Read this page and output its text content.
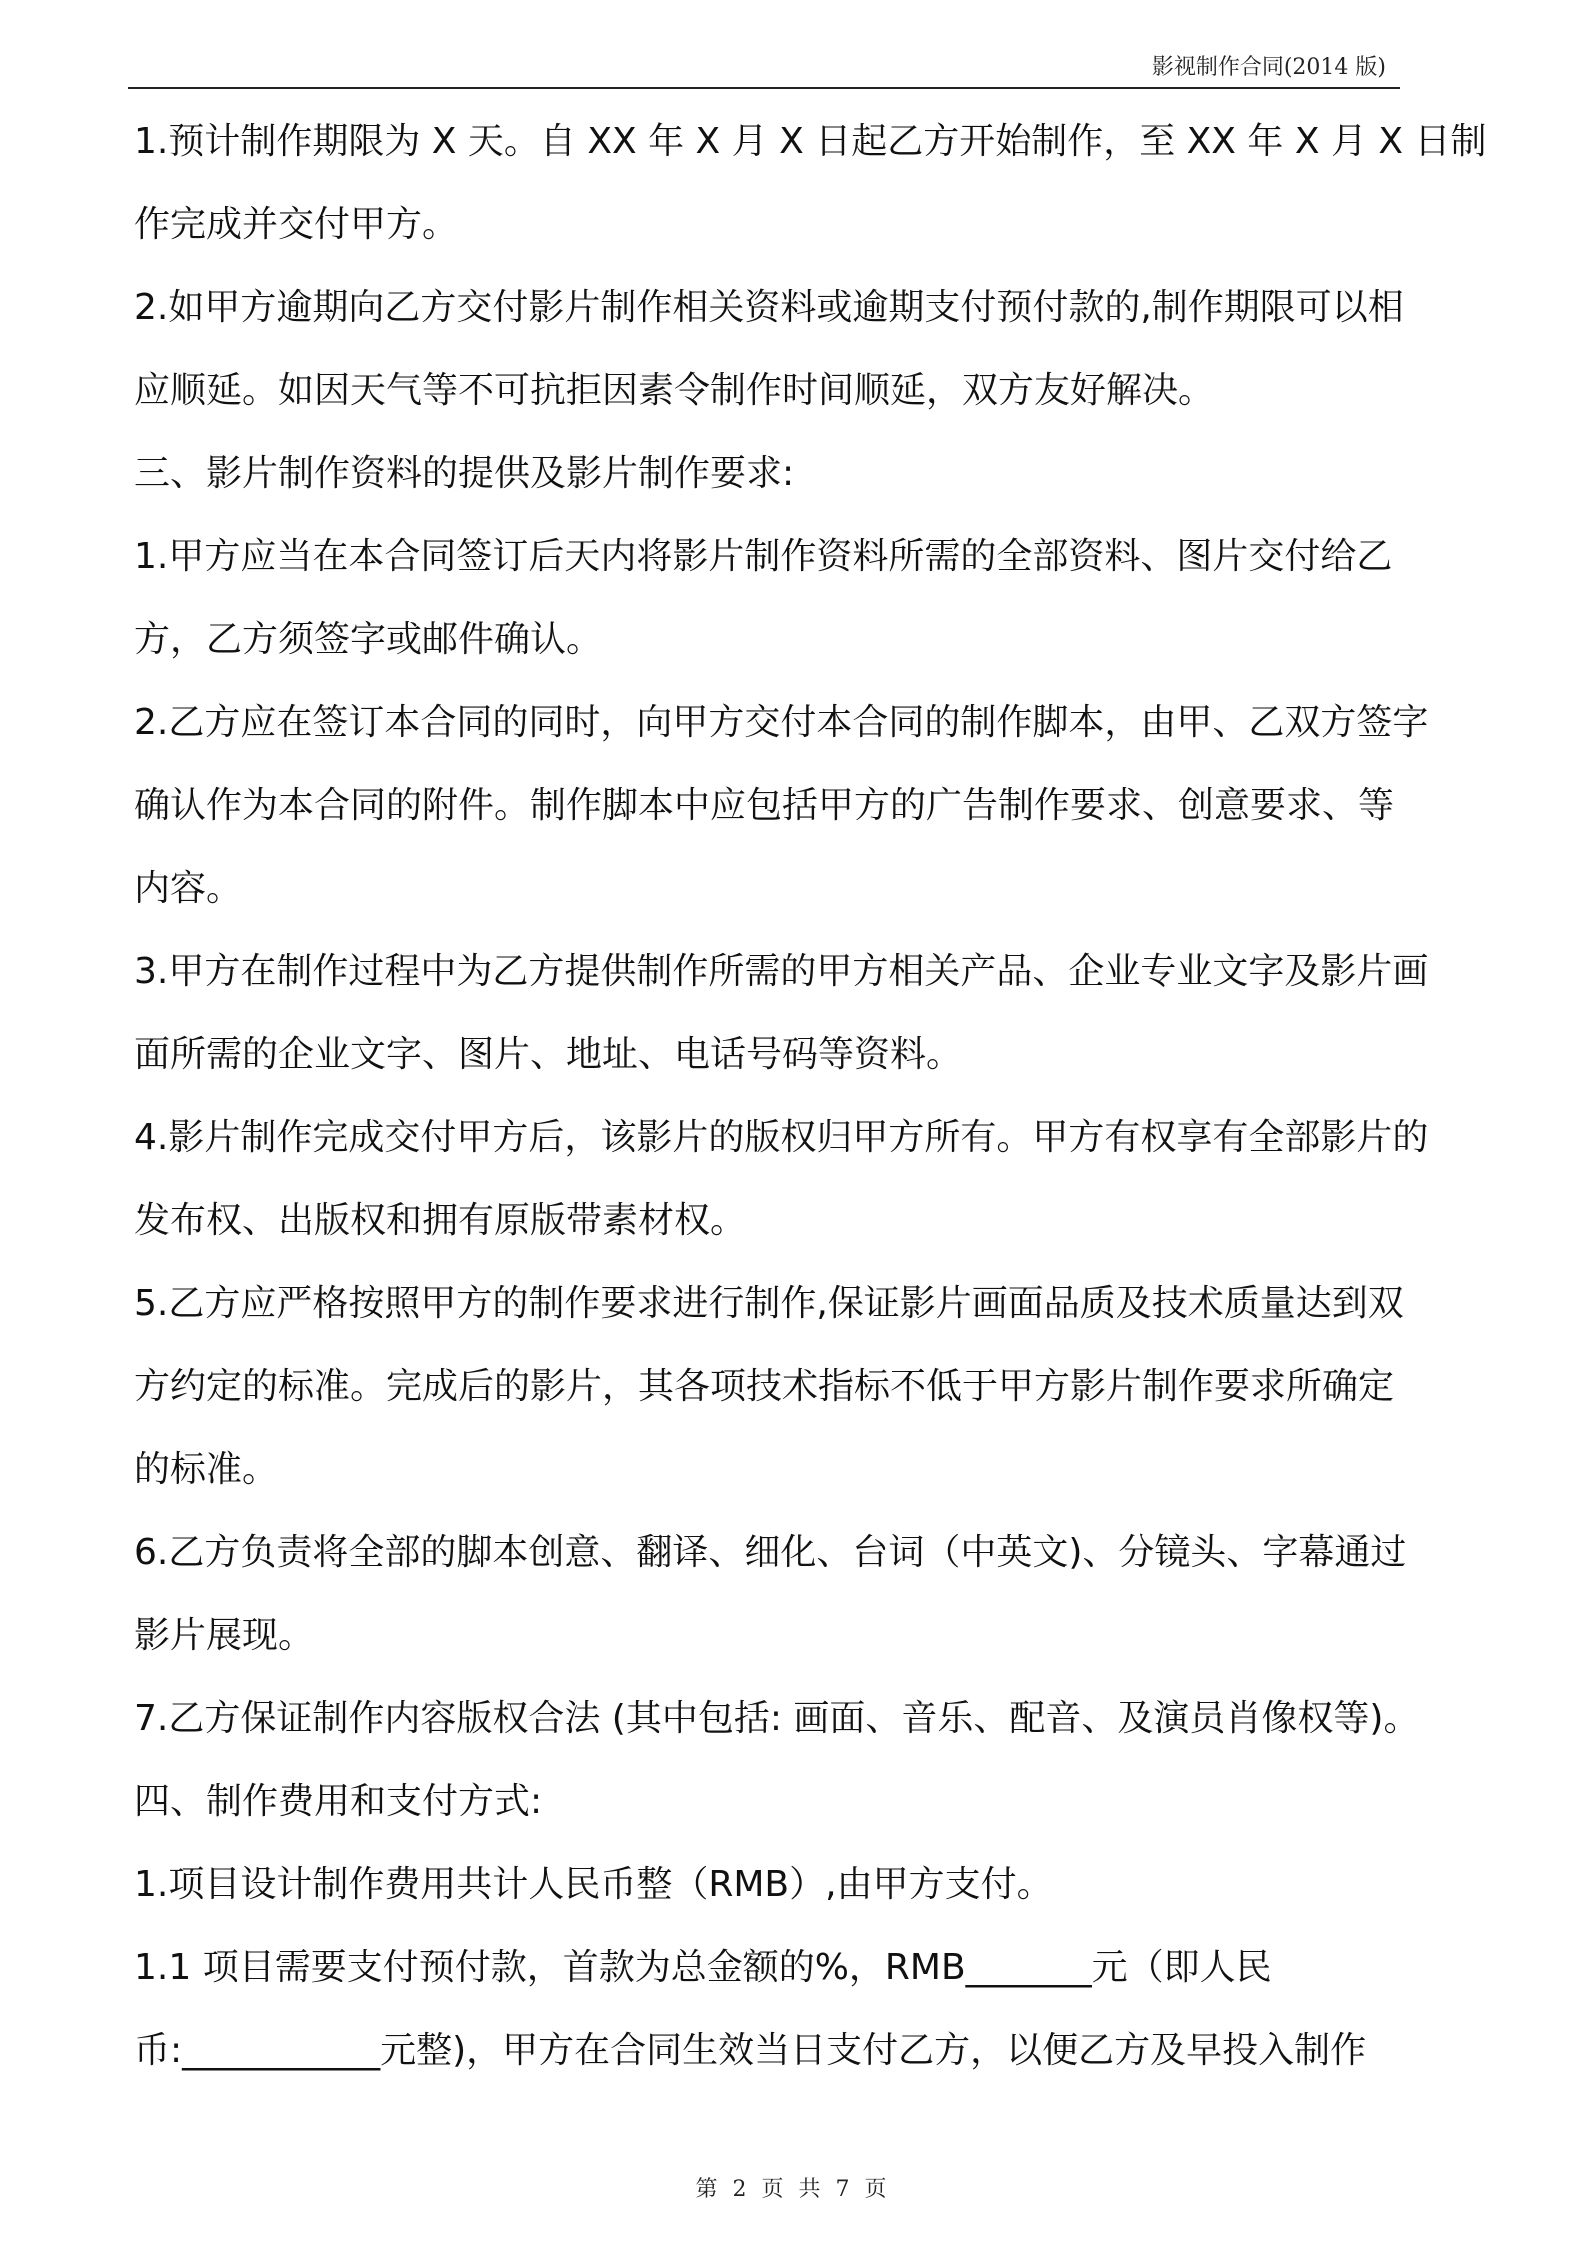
影视制作合同(2014 版)
1.预计制作期限为 X 天。自 XX 年 X 月 X 日起乙方开始制作，至 XX 年 X 月 X 日制
作完成并交付甲方。
2.如甲方逾期向乙方交付影片制作相关资料或逾期支付预付款的,制作期限可以相
应顺延。如因天气等不可抗拒因素令制作时间顺延，双方友好解决。
三、影片制作资料的提供及影片制作要求:
1.甲方应当在本合同签订后天内将影片制作资料所需的全部资料、图片交付给乙
方，乙方须签字或邮件确认。
2.乙方应在签订本合同的同时，向甲方交付本合同的制作脚本，由甲、乙双方签字
确认作为本合同的附件。制作脚本中应包括甲方的广告制作要求、创意要求、等
内容。
3.甲方在制作过程中为乙方提供制作所需的甲方相关产品、企业专业文字及影片画
面所需的企业文字、图片、地址、电话号码等资料。
4.影片制作完成交付甲方后，该影片的版权归甲方所有。甲方有权享有全部影片的
发布权、出版权和拥有原版带素材权。
5.乙方应严格按照甲方的制作要求进行制作,保证影片画面品质及技术质量达到双
方约定的标准。完成后的影片，其各项技术指标不低于甲方影片制作要求所确定
的标准。
6.乙方负责将全部的脚本创意、翻译、细化、台词（中英文)、分镜头、字幕通过
影片展现。
7.乙方保证制作内容版权合法 (其中包括: 画面、音乐、配音、及演员肖像权等)。
四、制作费用和支付方式:
1.项目设计制作费用共计人民币整（RMB）,由甲方支付。
1.1 项目需要支付预付款，首款为总金额的%，RMB_______元（即人民
币:___________元整)，甲方在合同生效当日支付乙方，以便乙方及早投入制作
第 2 页 共 7 页
